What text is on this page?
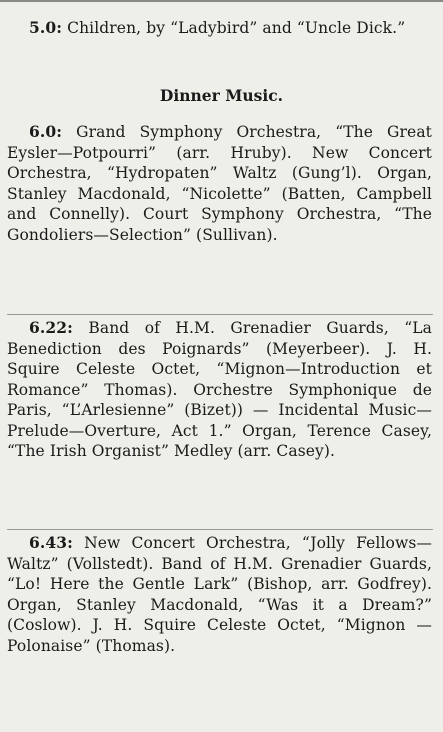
5.0: Children, by “Ladybird” and “Uncle Dick.”

Dinner Music.

6.0: Grand Symphony Orchestra, “The Great Eysler—Potpourri” (arr. Hruby). New Concert Orchestra, “Hydropaten” Waltz (Gung’l). Organ, Stanley Macdonald, “Nicolette” (Batten, Campbell and Connelly). Court Symphony Orchestra, “The Gondoliers—Selection” (Sullivan).

6.22: Band of H.M. Grenadier Guards, “La Benediction des Poignards” (Meyerbeer). J. H. Squire Celeste Octet, “Mignon—Introduction et Romance” Thomas). Orchestre Symphonique de Paris, “L’Arlesienne” (Bizet)) — Incidental Music—Prelude—Overture, Act 1.” Organ, Terence Casey, “The Irish Organist” Medley (arr. Casey).

6.43: New Concert Orchestra, “Jolly Fellows—Waltz” (Vollstedt). Band of H.M. Grenadier Guards, “Lo! Here the Gentle Lark” (Bishop, arr. Godfrey). Organ, Stanley Macdonald, “Was it a Dream?” (Coslow). J. H. Squire Celeste Octet, “Mignon — Polonaise” (Thomas).
